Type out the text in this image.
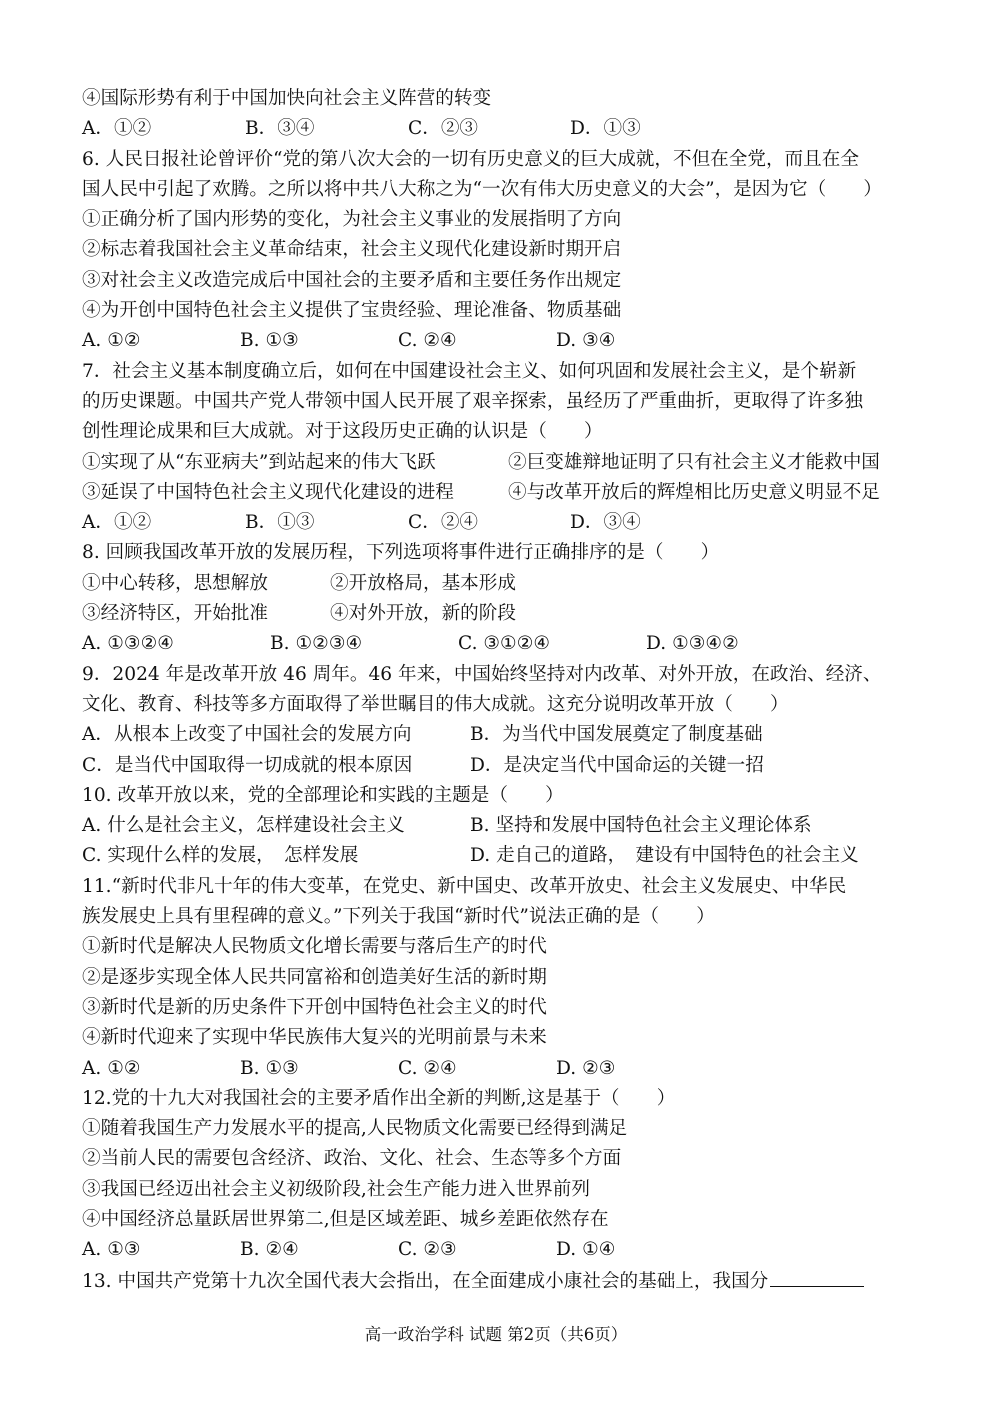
④国际形势有利于中国加快向社会主义阵营的转变
A．①②	B．③④	C．②③	D．①③
6. 人民日报社论曾评价“党的第八次大会的一切有历史意义的巨大成就，不但在全党，而且在全
国人民中引起了欢腾。之所以将中共八大称之为“一次有伟大历史意义的大会”，是因为它（　　）
①正确分析了国内形势的变化，为社会主义事业的发展指明了方向
②标志着我国社会主义革命结束，社会主义现代化建设新时期开启
③对社会主义改造完成后中国社会的主要矛盾和主要任务作出规定
④为开创中国特色社会主义提供了宝贵经验、理论准备、物质基础
A. ①②	B. ①③	C. ②④	D. ③④
7．社会主义基本制度确立后，如何在中国建设社会主义、如何巩固和发展社会主义，是个崭新
的历史课题。中国共产党人带领中国人民开展了艰辛探索，虽经历了严重曲折，更取得了许多独
创性理论成果和巨大成就。对于这段历史正确的认识是（　　）
①实现了从“东亚病夫”到站起来的伟大飞跃	②巨变雄辩地证明了只有社会主义才能救中国
③延误了中国特色社会主义现代化建设的进程	④与改革开放后的辉煌相比历史意义明显不足
A．①②	B．①③	C．②④	D．③④
8. 回顾我国改革开放的发展历程，下列选项将事件进行正确排序的是（　　）
①中心转移，思想解放	②开放格局，基本形成
③经济特区，开始批准	④对外开放，新的阶段
A. ①③②④	B. ①②③④	C. ③①②④	D. ①③④②
9．2024 年是改革开放 46 周年。46 年来，中国始终坚持对内改革、对外开放，在政治、经济、
文化、教育、科技等多方面取得了举世瞩目的伟大成就。这充分说明改革开放（　　）
A．从根本上改变了中国社会的发展方向	B．为当代中国发展奠定了制度基础
C．是当代中国取得一切成就的根本原因	D．是决定当代中国命运的关键一招
10. 改革开放以来，党的全部理论和实践的主题是（　　）
A. 什么是社会主义，怎样建设社会主义	B. 坚持和发展中国特色社会主义理论体系
C. 实现什么样的发展，　怎样发展	D. 走自己的道路，　建设有中国特色的社会主义
11.“新时代非凡十年的伟大变革，在党史、新中国史、改革开放史、社会主义发展史、中华民
族发展史上具有里程碑的意义。”下列关于我国“新时代”说法正确的是（　　）
①新时代是解决人民物质文化增长需要与落后生产的时代
②是逐步实现全体人民共同富裕和创造美好生活的新时期
③新时代是新的历史条件下开创中国特色社会主义的时代
④新时代迎来了实现中华民族伟大复兴的光明前景与未来
A. ①②	B. ①③	C. ②④	D. ②③
12.党的十九大对我国社会的主要矛盾作出全新的判断,这是基于（　　）
①随着我国生产力发展水平的提高,人民物质文化需要已经得到满足
②当前人民的需要包含经济、政治、文化、社会、生态等多个方面
③我国已经迈出社会主义初级阶段,社会生产能力进入世界前列
④中国经济总量跃居世界第二,但是区域差距、城乡差距依然存在
A. ①③	B. ②④	C. ②③	D. ①④
13. 中国共产党第十九次全国代表大会指出，在全面建成小康社会的基础上，我国分
高一政治学科 试题 第2页（共6页）
